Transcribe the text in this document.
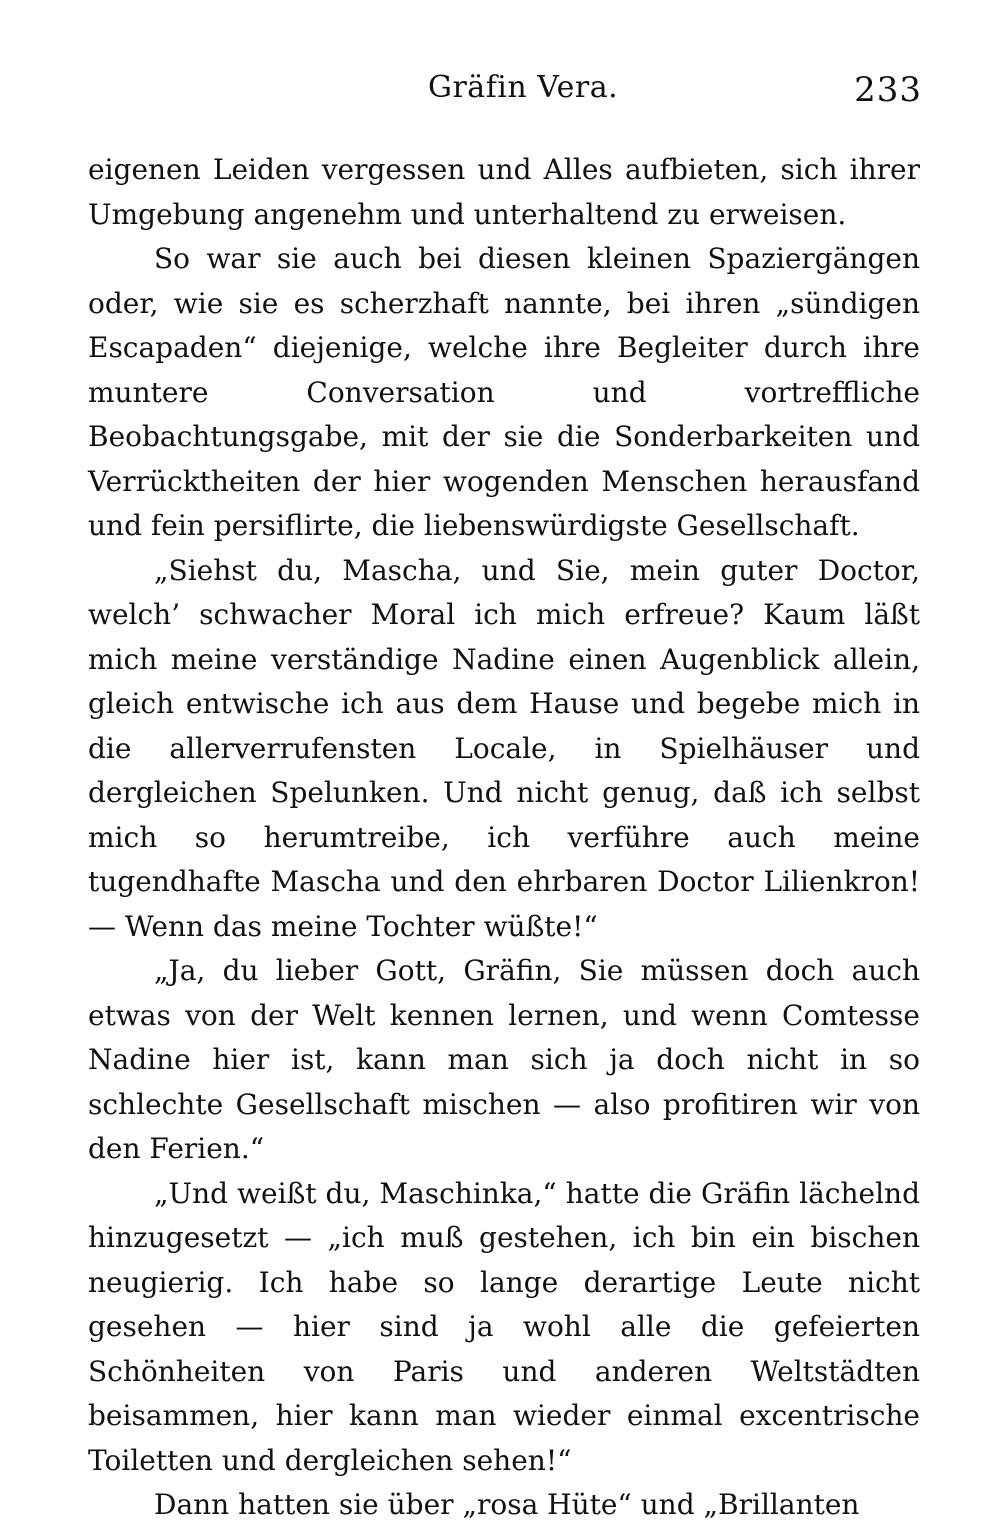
Gräfin Vera.	233

eigenen Leiden vergessen und Alles aufbieten, sich ihrer Umgebung angenehm und unterhaltend zu erweisen.

So war sie auch bei diesen kleinen Spaziergängen oder, wie sie es scherzhaft nannte, bei ihren „sündigen Escapaden“ diejenige, welche ihre Begleiter durch ihre muntere Conversation und vortreffliche Beobachtungsgabe, mit der sie die Sonderbarkeiten und Verrücktheiten der hier wogenden Menschen herausfand und fein persiflirte, die liebenswürdigste Gesellschaft.

„Siehst du, Mascha, und Sie, mein guter Doctor, welch’ schwacher Moral ich mich erfreue? Kaum läßt mich meine verständige Nadine einen Augenblick allein, gleich entwische ich aus dem Hause und begebe mich in die allerverrufensten Locale, in Spielhäuser und dergleichen Spelunken. Und nicht genug, daß ich selbst mich so herumtreibe, ich verführe auch meine tugendhafte Mascha und den ehrbaren Doctor Lilienkron! — Wenn das meine Tochter wüßte!“

„Ja, du lieber Gott, Gräfin, Sie müssen doch auch etwas von der Welt kennen lernen, und wenn Comtesse Nadine hier ist, kann man sich ja doch nicht in so schlechte Gesellschaft mischen — also profitiren wir von den Ferien.“

„Und weißt du, Maschinka,“ hatte die Gräfin lächelnd hinzugesetzt — „ich muß gestehen, ich bin ein bischen neugierig. Ich habe so lange derartige Leute nicht gesehen — hier sind ja wohl alle die gefeierten Schönheiten von Paris und anderen Weltstädten beisammen, hier kann man wieder einmal excentrische Toiletten und dergleichen sehen!“

Dann hatten sie über „rosa Hüte“ und „Brillanten
